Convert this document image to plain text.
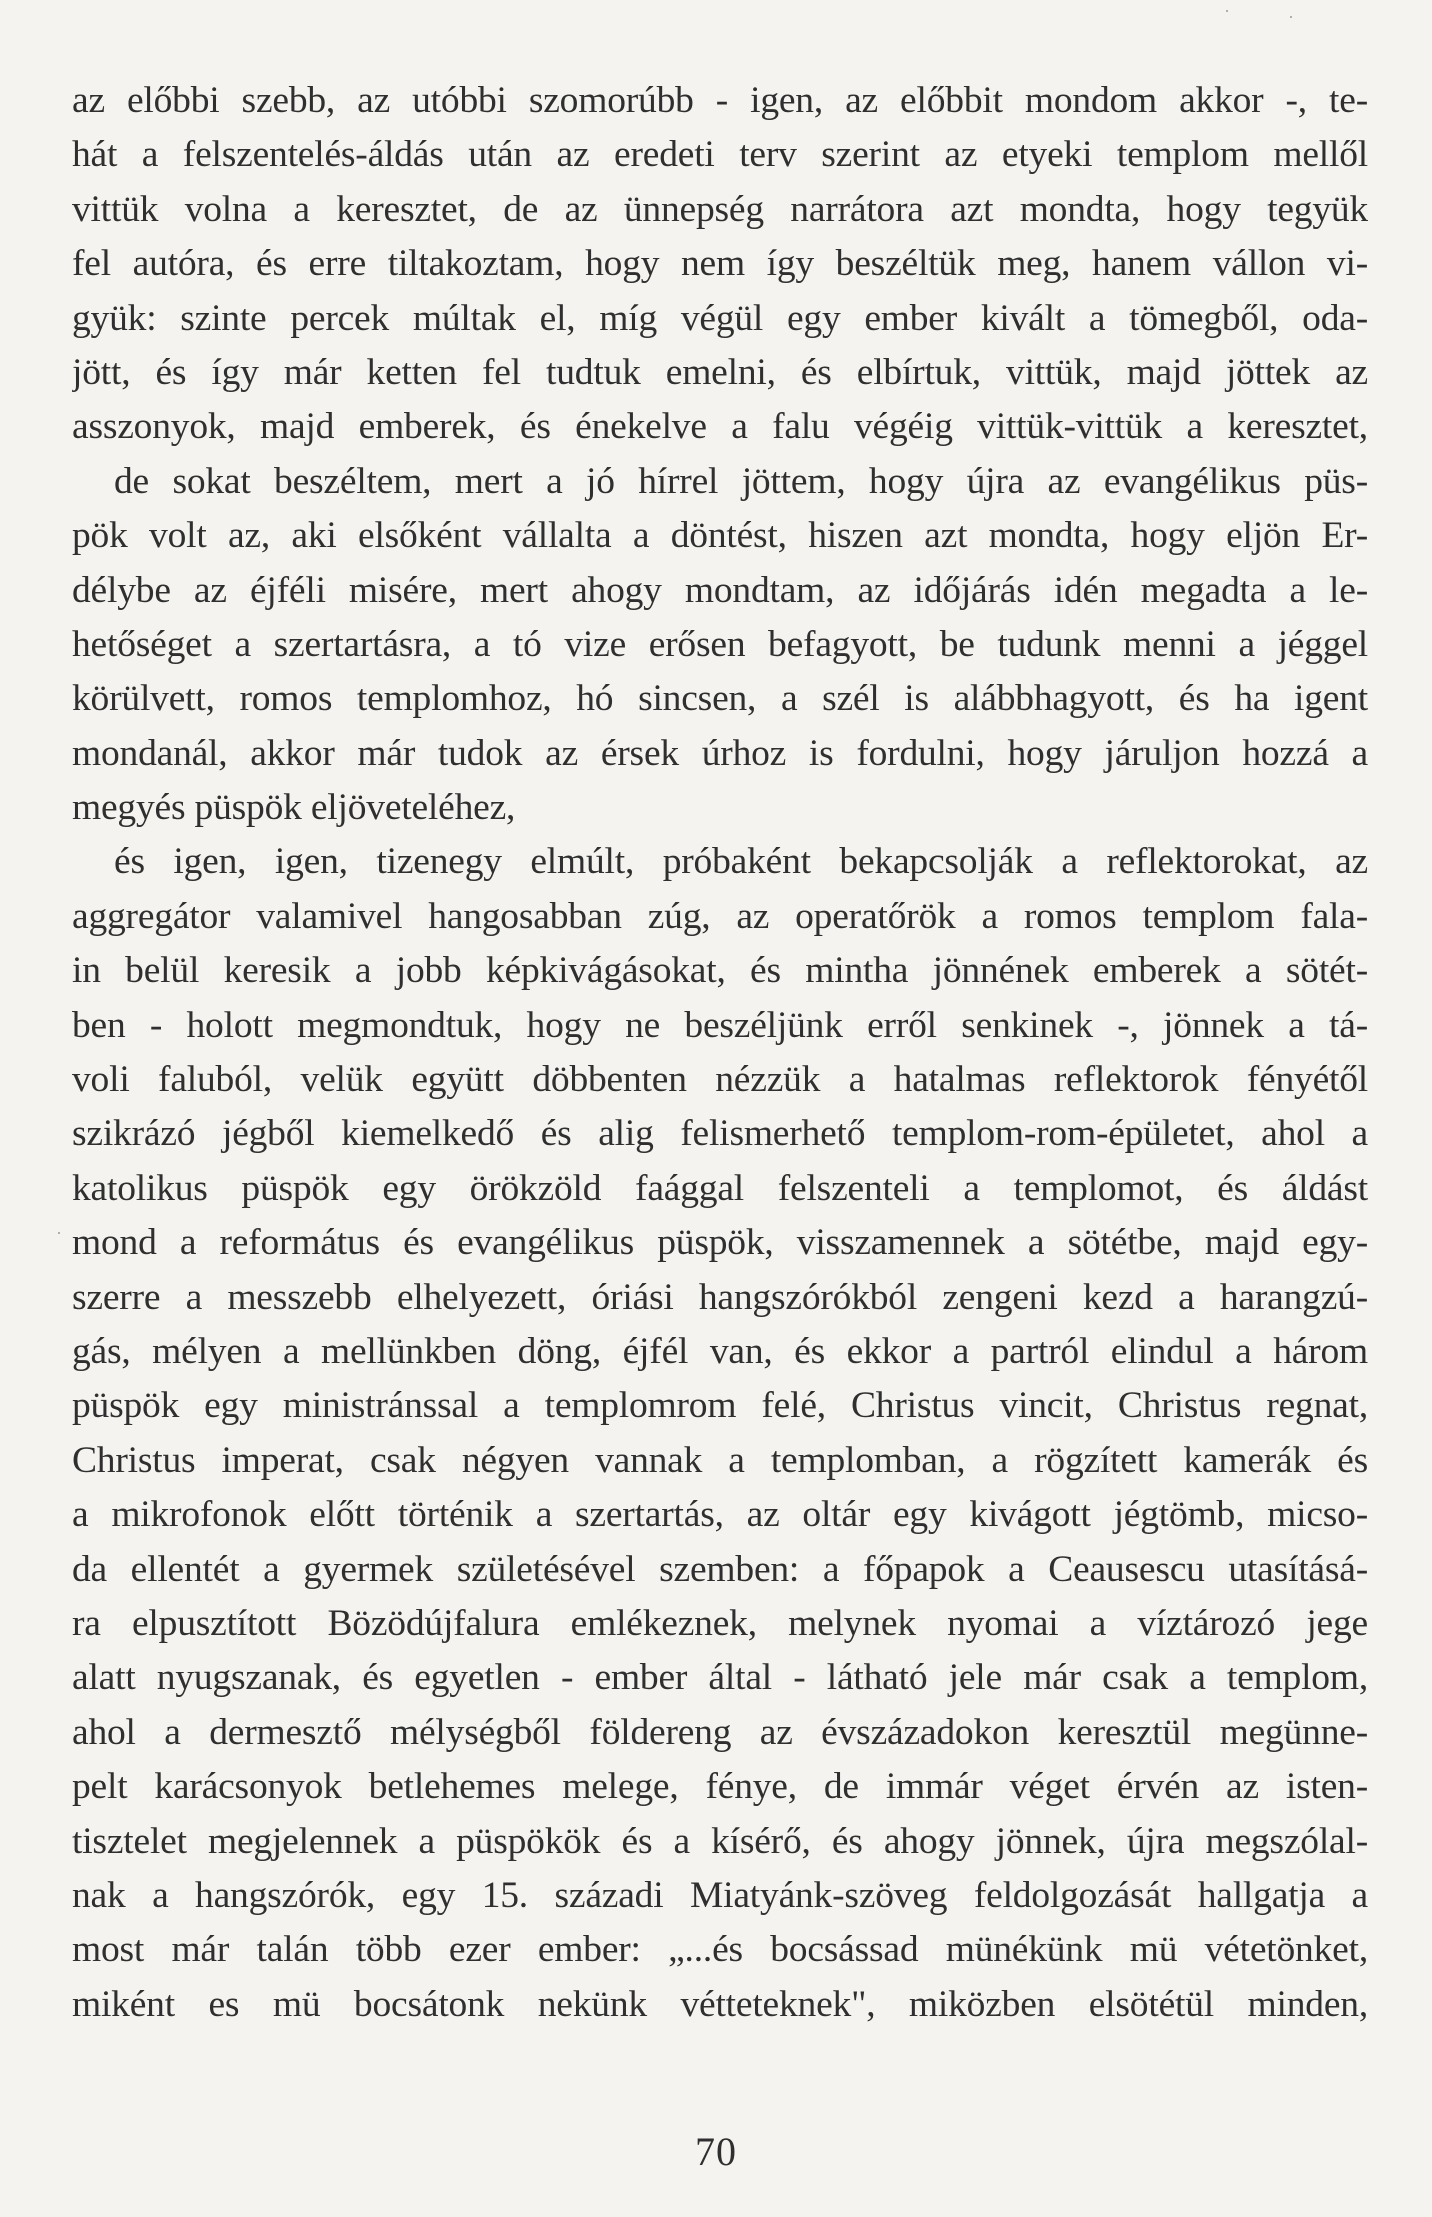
az előbbi szebb, az utóbbi szomorúbb - igen, az előbbit mondom akkor -, te-
hát a felszentelés-áldás után az eredeti terv szerint az etyeki templom mellől
vittük volna a keresztet, de az ünnepség narrátora azt mondta, hogy tegyük
fel autóra, és erre tiltakoztam, hogy nem így beszéltük meg, hanem vállon vi-
gyük: szinte percek múltak el, míg végül egy ember kivált a tömegből, oda-
jött, és így már ketten fel tudtuk emelni, és elbírtuk, vittük, majd jöttek az
asszonyok, majd emberek, és énekelve a falu végéig vittük-vittük a keresztet,
de sokat beszéltem, mert a jó hírrel jöttem, hogy újra az evangélikus püs-
pök volt az, aki elsőként vállalta a döntést, hiszen azt mondta, hogy eljön Er-
délybe az éjféli misére, mert ahogy mondtam, az időjárás idén megadta a le-
hetőséget a szertartásra, a tó vize erősen befagyott, be tudunk menni a jéggel
körülvett, romos templomhoz, hó sincsen, a szél is alábbhagyott, és ha igent
mondanál, akkor már tudok az érsek úrhoz is fordulni, hogy járuljon hozzá a
megyés püspök eljöveteléhez,
és igen, igen, tizenegy elmúlt, próbaként bekapcsolják a reflektorokat, az
aggregátor valamivel hangosabban zúg, az operatőrök a romos templom fala-
in belül keresik a jobb képkivágásokat, és mintha jönnének emberek a sötét-
ben - holott megmondtuk, hogy ne beszéljünk erről senkinek -, jönnek a tá-
voli faluból, velük együtt döbbenten nézzük a hatalmas reflektorok fényétől
szikrázó jégből kiemelkedő és alig felismerhető templom-rom-épületet, ahol a
katolikus püspök egy örökzöld faággal felszenteli a templomot, és áldást
mond a református és evangélikus püspök, visszamennek a sötétbe, majd egy-
szerre a messzebb elhelyezett, óriási hangszórókból zengeni kezd a harangzú-
gás, mélyen a mellünkben döng, éjfél van, és ekkor a partról elindul a három
püspök egy ministránssal a templomrom felé, Christus vincit, Christus regnat,
Christus imperat, csak négyen vannak a templomban, a rögzített kamerák és
a mikrofonok előtt történik a szertartás, az oltár egy kivágott jégtömb, micso-
da ellentét a gyermek születésével szemben: a főpapok a Ceausescu utasításá-
ra elpusztított Bözödújfalura emlékeznek, melynek nyomai a víztározó jege
alatt nyugszanak, és egyetlen - ember által - látható jele már csak a templom,
ahol a dermesztő mélységből földereng az évszázadokon keresztül megünne-
pelt karácsonyok betlehemes melege, fénye, de immár véget érvén az isten-
tisztelet megjelennek a püspökök és a kísérő, és ahogy jönnek, újra megszólal-
nak a hangszórók, egy 15. századi Miatyánk-szöveg feldolgozását hallgatja a
most már talán több ezer ember: „...és bocsássad münékünk mü vétetönket,
miként es mü bocsátonk nekünk vétteteknek", miközben elsötétül minden,
70
